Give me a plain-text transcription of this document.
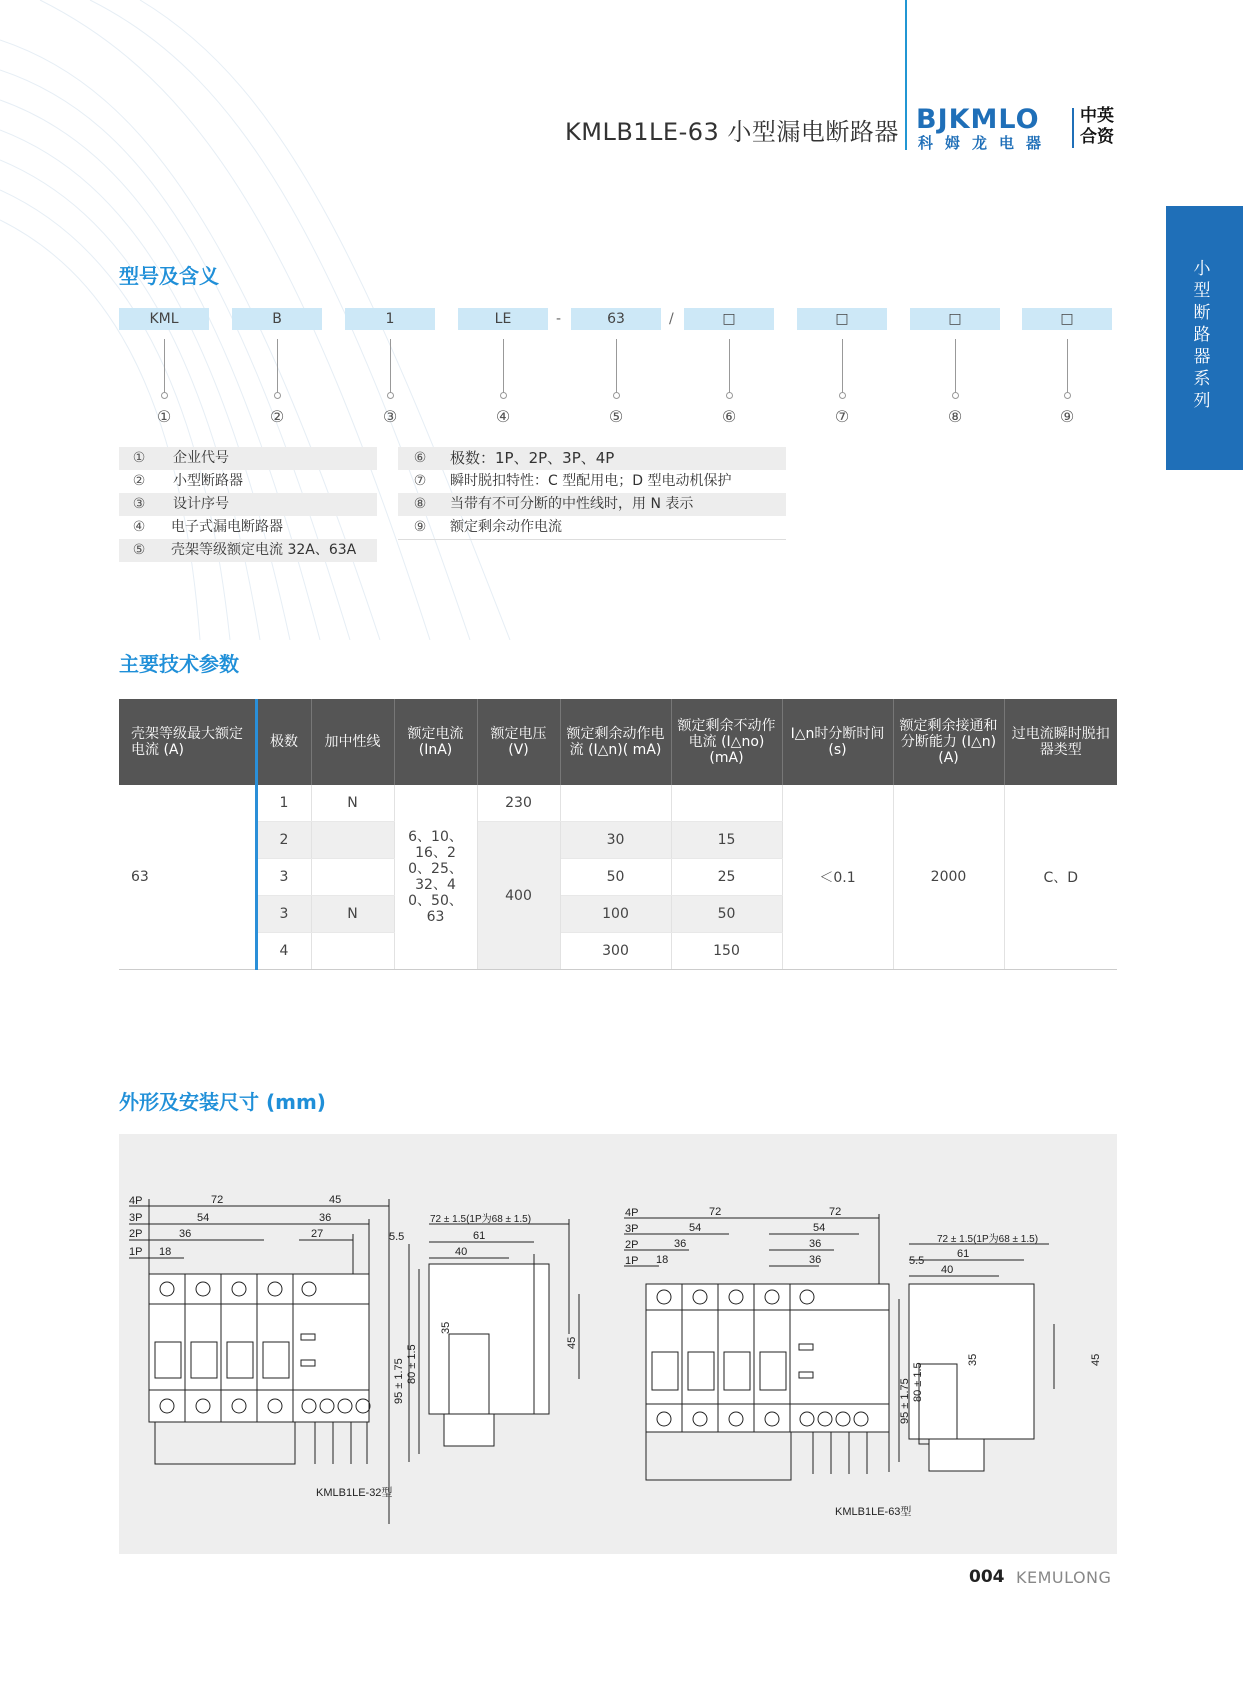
KMLB1LE-63 小型漏电断路器 BJKMLO
科姆龙电器
中英合资
小型断路器系列
型号及含义
KML
①
B
②
1
③
LE
④
63
⑤
□
⑥
□
⑦
□
⑧
□
⑨
-	/
① 企业代号
② 小型断路器
③ 设计序号
④ 电子式漏电断路器
⑤ 壳架等级额定电流 32A、63A
⑥ 极数：1P、2P、3P、4P
⑦ 瞬时脱扣特性：C 型配用电；D 型电动机保护
⑧ 当带有不可分断的中性线时，用 N 表示
⑨ 额定剩余动作电流
主要技术参数
壳架等级最大额定电流 (A)	极数	加中性线	额定电流 (InA)	额定电压 (V)	额定剩余动作电流 (I△n)( mA)	额定剩余不动作电流 (I△no)(mA)	I△n时分断时间 (s)	额定剩余接通和分断能力 (I△n) (A)	过电流瞬时脱扣器类型
63	1	N	6、10、16、20、25、32、40、50、63	230			＜0.1	2000	C、D
	2			400	30	15			
	3				50	25			
	3	N			100	50			
	4				300	150			
外形及安装尺寸 (mm)
4P
3P
2P
1P
72
54
36
18
45
36
27
72 ± 1.5(1P为68 ± 1.5)
61
40
5.5
95 ± 1.75 80 ± 1.5
35
45
KMLB1LE-32型
4P
3P
2P
1P
72
54
36
18
72
54
36
36
72 ± 1.5(1P为68 ± 1.5)
61
40
5.5
95 ± 1.75 80 ± 1.5
35	45
KMLB1LE-63型
004 KEMULONG
